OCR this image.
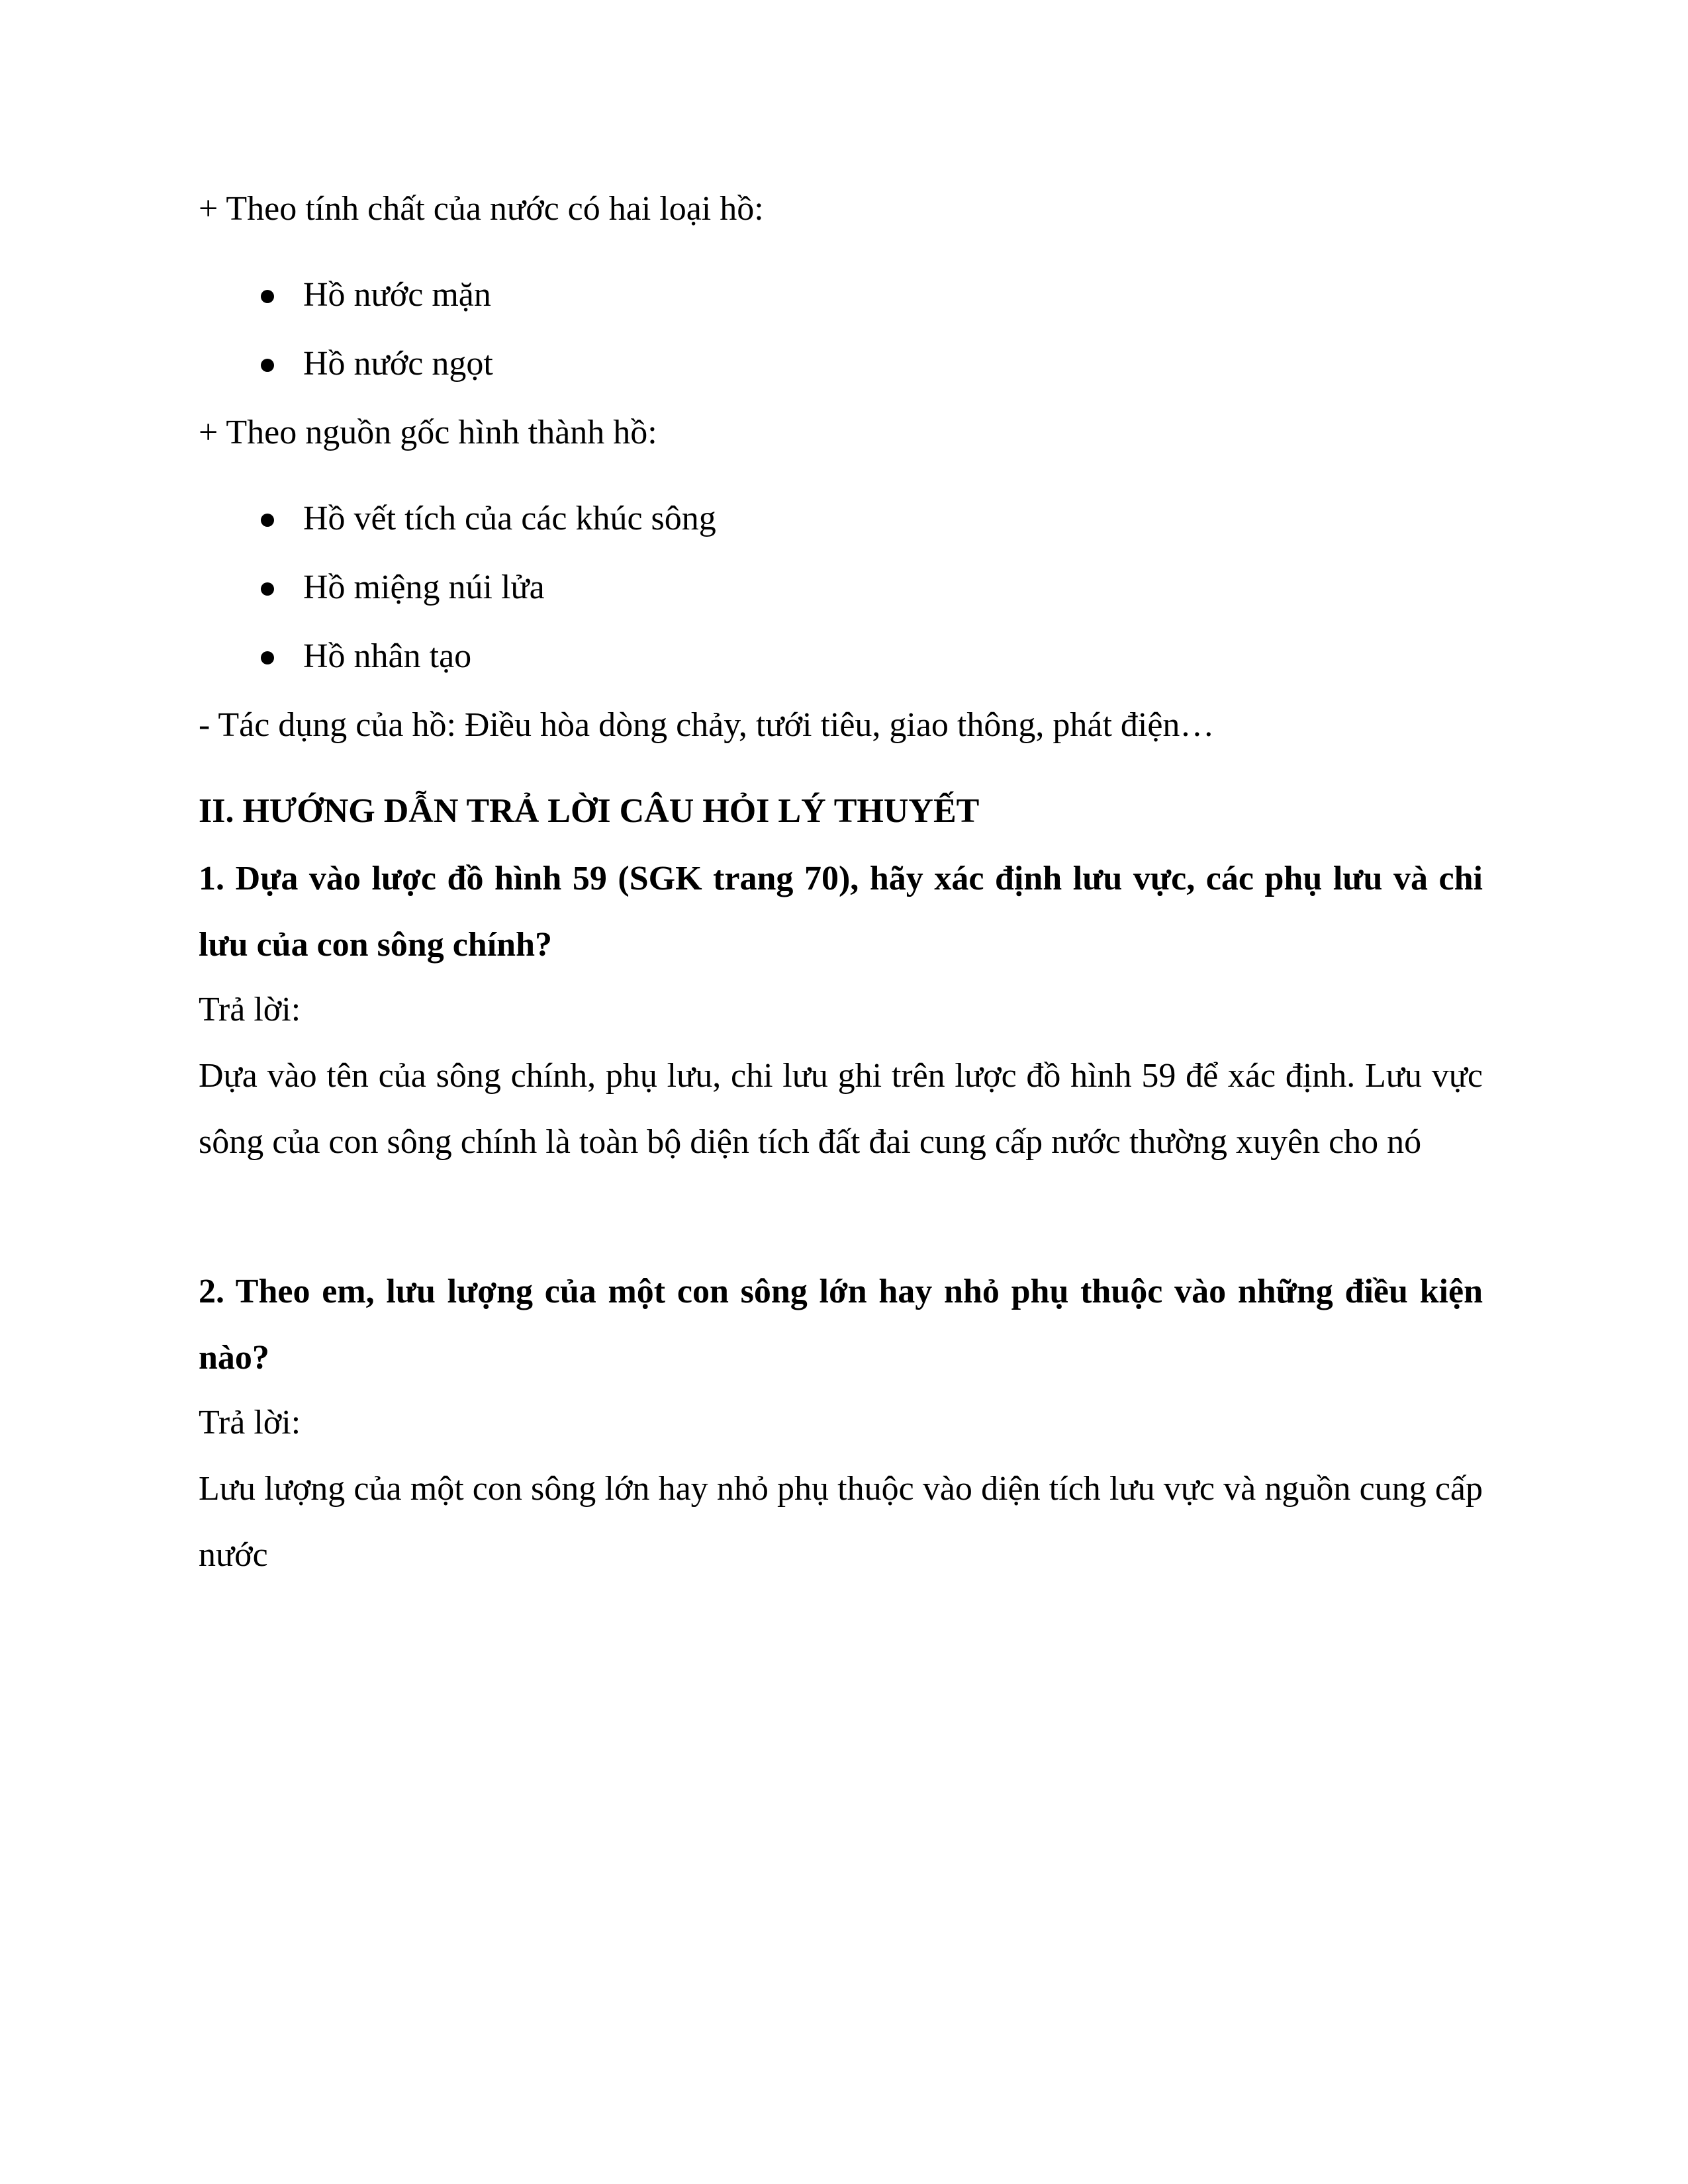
+ Theo tính chất của nước có hai loại hồ:

Hồ nước mặn
Hồ nước ngọt

+ Theo nguồn gốc hình thành hồ:

Hồ vết tích của các khúc sông
Hồ miệng núi lửa
Hồ nhân tạo

- Tác dụng của hồ: Điều hòa dòng chảy, tưới tiêu, giao thông, phát điện…

II. HƯỚNG DẪN TRẢ LỜI CÂU HỎI LÝ THUYẾT

1. Dựa vào lược đồ hình 59 (SGK trang 70), hãy xác định lưu vực, các phụ lưu và chi lưu của con sông chính?

Trả lời:

Dựa vào tên của sông chính, phụ lưu, chi lưu ghi trên lược đồ hình 59 để xác định. Lưu vực sông của con sông chính là toàn bộ diện tích đất đai cung cấp nước thường xuyên cho nó

2. Theo em, lưu lượng của một con sông lớn hay nhỏ phụ thuộc vào những điều kiện nào?

Trả lời:

Lưu lượng của một con sông lớn hay nhỏ phụ thuộc vào diện tích lưu vực và nguồn cung cấp nước
